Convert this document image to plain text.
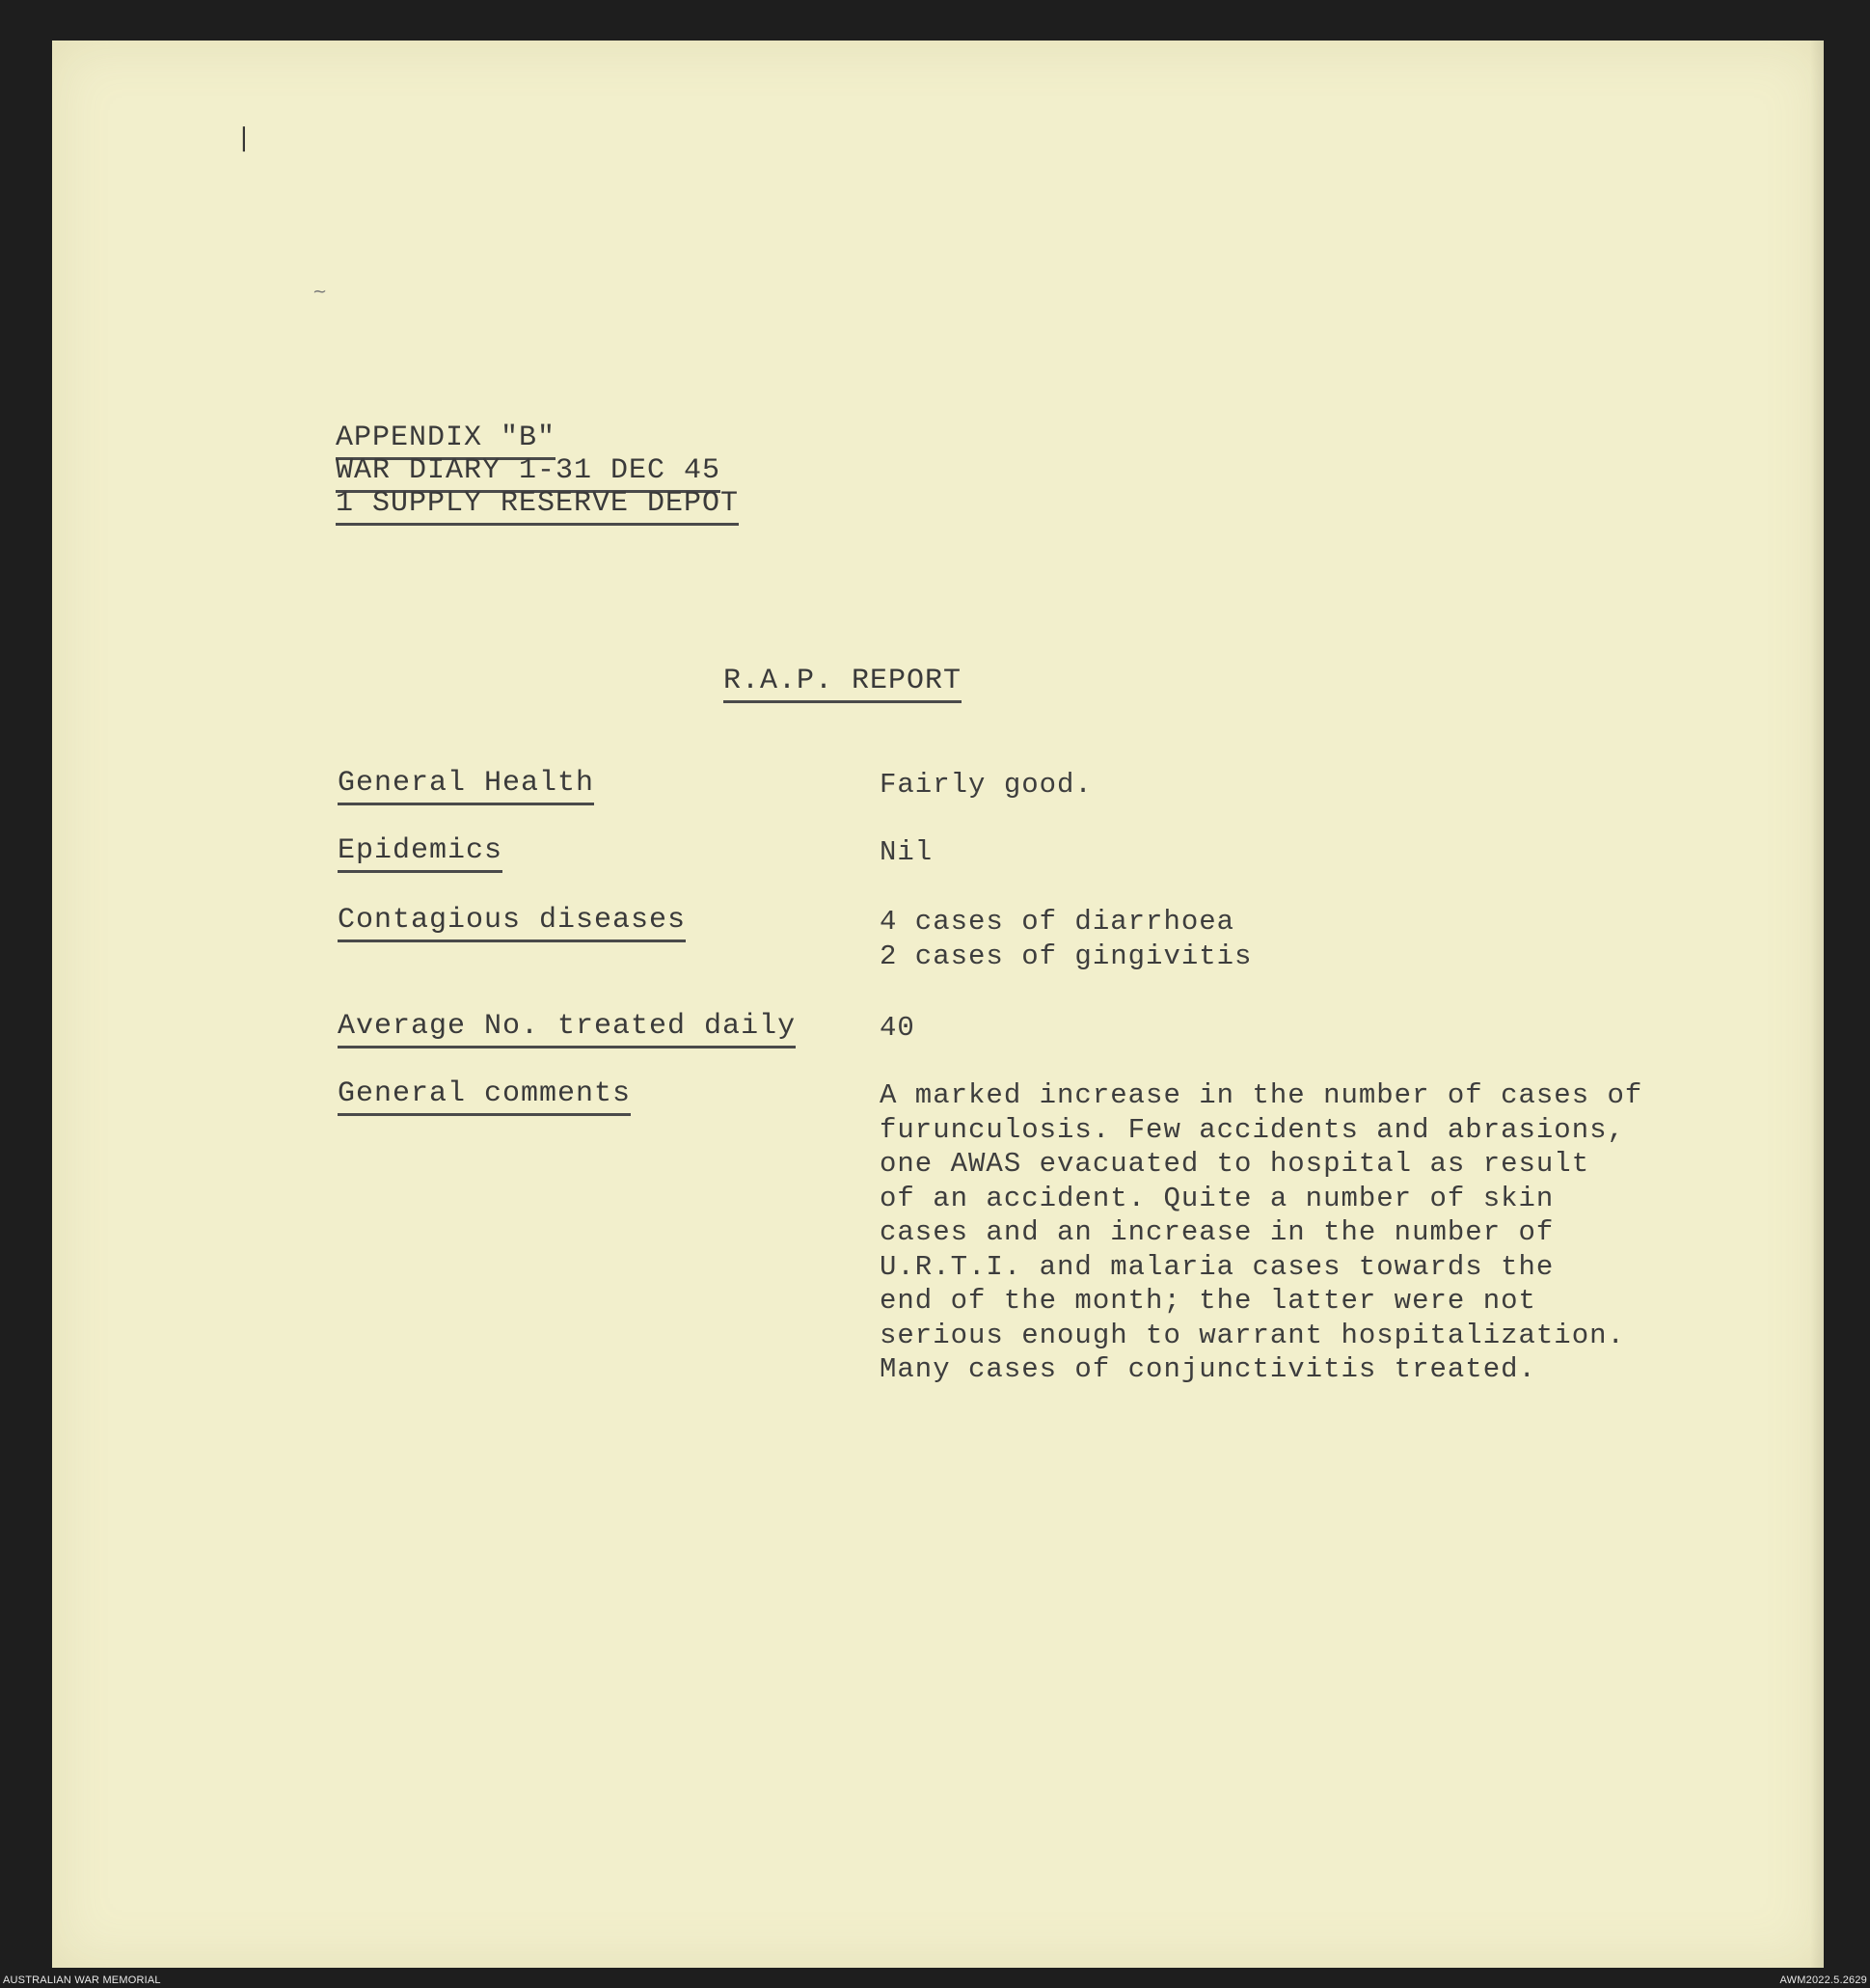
❘
~
APPENDIX "B"
WAR DIARY 1-31 DEC 45
1 SUPPLY RESERVE DEPOT
R.A.P. REPORT
General Health
Epidemics
Contagious diseases
Average No. treated daily
General comments
Fairly good.
Nil
4 cases of diarrhoea
2 cases of gingivitis
40
A marked increase in the number of cases of
furunculosis. Few accidents and abrasions,
one AWAS evacuated to hospital as result
of an accident. Quite a number of skin
cases and an increase in the number of
U.R.T.I. and malaria cases towards the
end of the month; the latter were not
serious enough to warrant hospitalization.
Many cases of conjunctivitis treated.
AUSTRALIAN WAR MEMORIAL	AWM2022.5.2629
